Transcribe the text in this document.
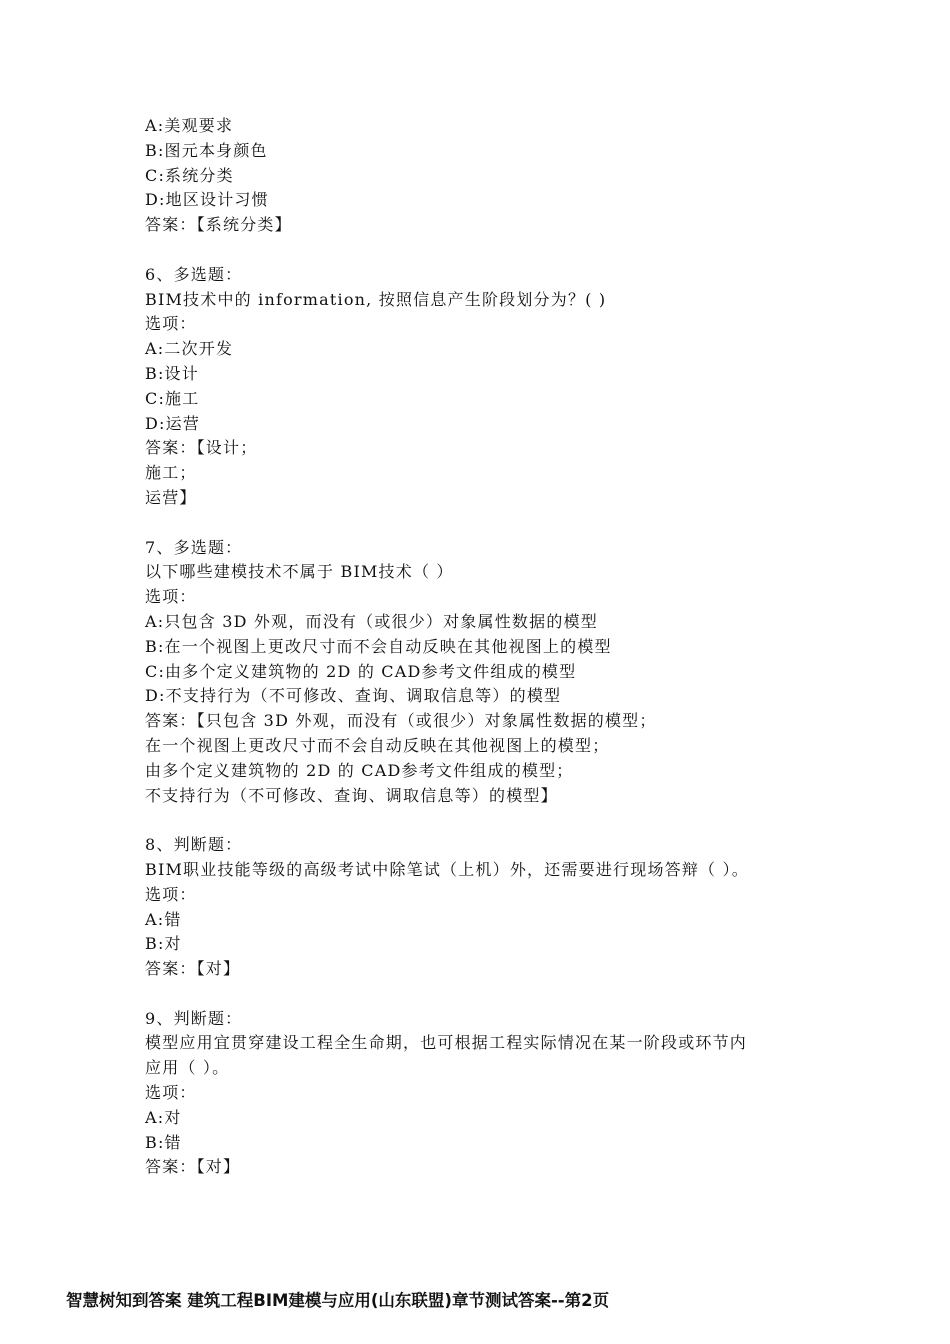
A:美观要求
B:图元本身颜色
C:系统分类
D:地区设计习惯
答案：【系统分类】
6、多选题：
BIM技术中的 information, 按照信息产生阶段划分为？( )
选项：
A:二次开发
B:设计
C:施工
D:运营
答案：【设计；
施工；
运营】
7、多选题：
以下哪些建模技术不属于 BIM技术（ ）
选项：
A:只包含 3D 外观，而没有（或很少）对象属性数据的模型
B:在一个视图上更改尺寸而不会自动反映在其他视图上的模型
C:由多个定义建筑物的 2D 的 CAD参考文件组成的模型
D:不支持行为（不可修改、查询、调取信息等）的模型
答案：【只包含 3D 外观，而没有（或很少）对象属性数据的模型；
在一个视图上更改尺寸而不会自动反映在其他视图上的模型；
由多个定义建筑物的 2D 的 CAD参考文件组成的模型；
不支持行为（不可修改、查询、调取信息等）的模型】
8、判断题：
BIM职业技能等级的高级考试中除笔试（上机）外，还需要进行现场答辩（ ）。
选项：
A:错
B:对
答案：【对】
9、判断题：
模型应用宜贯穿建设工程全生命期，也可根据工程实际情况在某一阶段或环节内
应用（ ）。
选项：
A:对
B:错
答案：【对】
智慧树知到答案 建筑工程BIM建模与应用(山东联盟)章节测试答案--第2页
